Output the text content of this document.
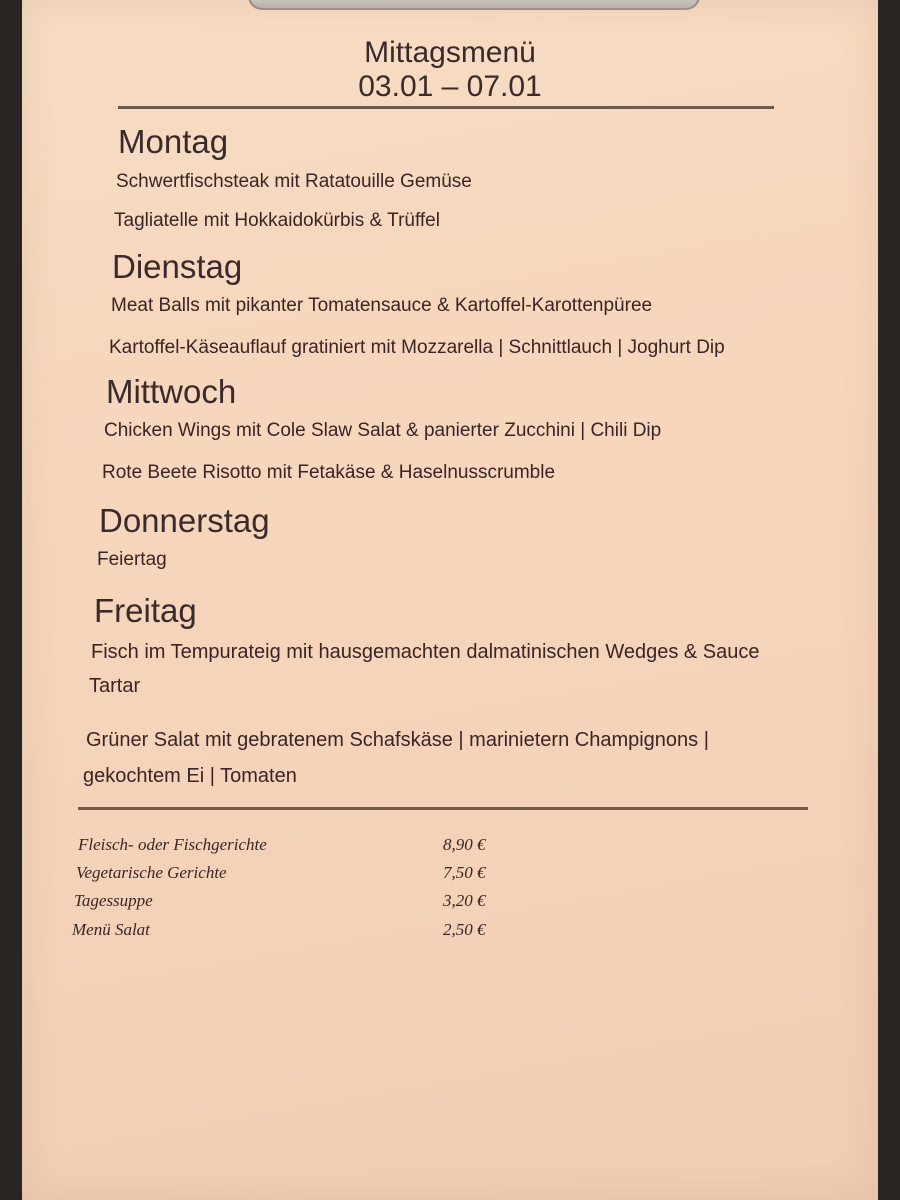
Mittagsmenü
03.01 – 07.01
Montag
Schwertfischsteak mit Ratatouille Gemüse
Tagliatelle mit Hokkaidokürbis & Trüffel
Dienstag
Meat Balls mit pikanter Tomatensauce & Kartoffel-Karottenpüree
Kartoffel-Käseauflauf gratiniert mit Mozzarella | Schnittlauch | Joghurt Dip
Mittwoch
Chicken Wings mit Cole Slaw Salat & panierter Zucchini | Chili Dip
Rote Beete Risotto mit Fetakäse & Haselnusscrumble
Donnerstag
Feiertag
Freitag
Fisch im Tempurateig mit hausgemachten dalmatinischen Wedges & Sauce
Tartar
Grüner Salat mit gebratenem Schafskäse | marinietern Champignons |
gekochtem Ei | Tomaten
Fleisch- oder Fischgerichte	8,90 €
Vegetarische Gerichte	7,50 €
Tagessuppe	3,20 €
Menü Salat	2,50 €
